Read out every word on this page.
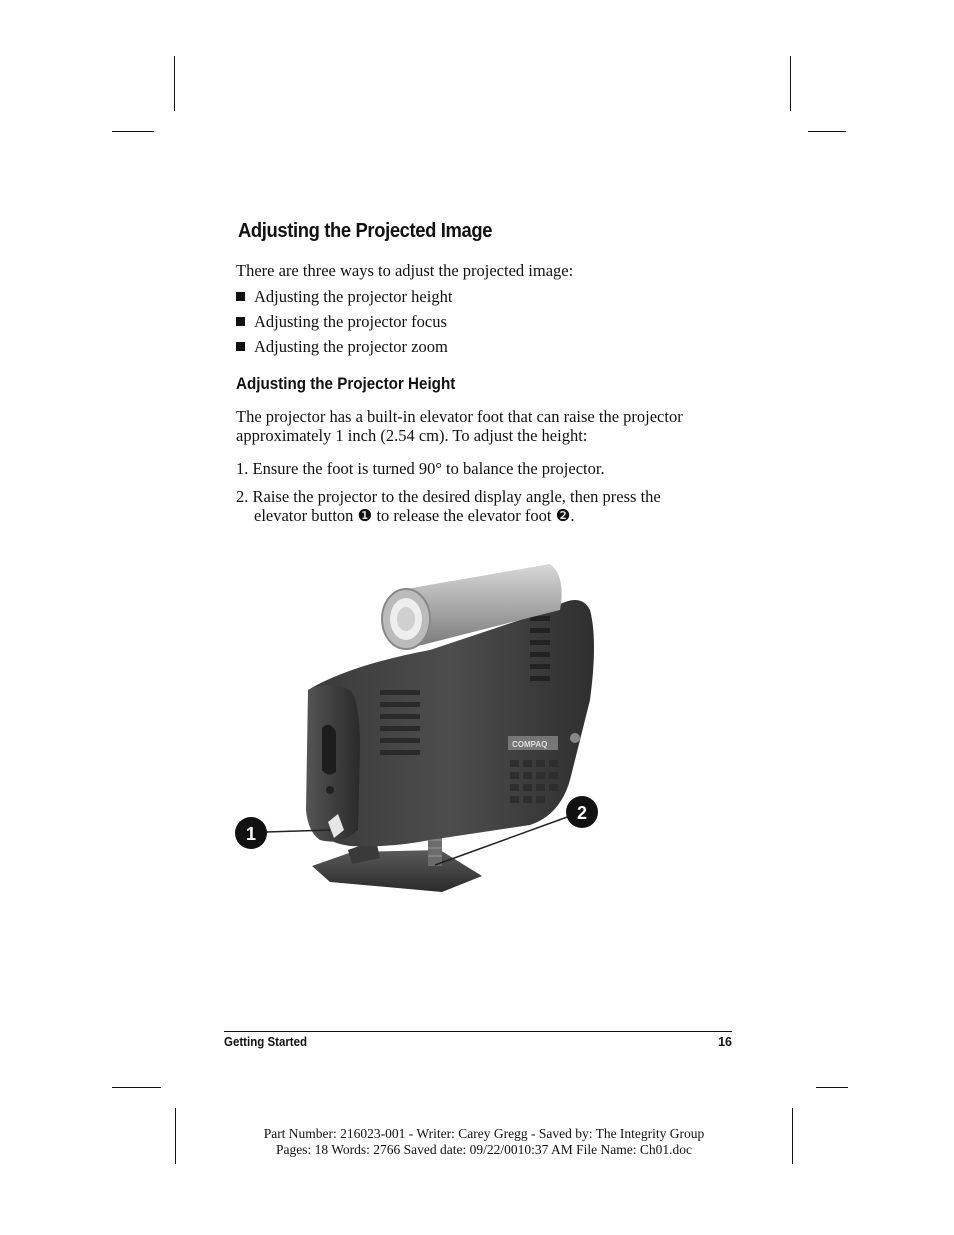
Adjusting the Projected Image
There are three ways to adjust the projected image:
Adjusting the projector height
Adjusting the projector focus
Adjusting the projector zoom
Adjusting the Projector Height
The projector has a built-in elevator foot that can raise the projector
approximately 1 inch (2.54 cm). To adjust the height:
1. Ensure the foot is turned 90° to balance the projector.
2. Raise the projector to the desired display angle, then press the
elevator button ❶ to release the elevator foot ❷.
COMPAQ
1
2
Getting Started	16
Part Number: 216023-001 - Writer: Carey Gregg - Saved by: The Integrity Group
Pages: 18 Words: 2766 Saved date: 09/22/0010:37 AM File Name: Ch01.doc
